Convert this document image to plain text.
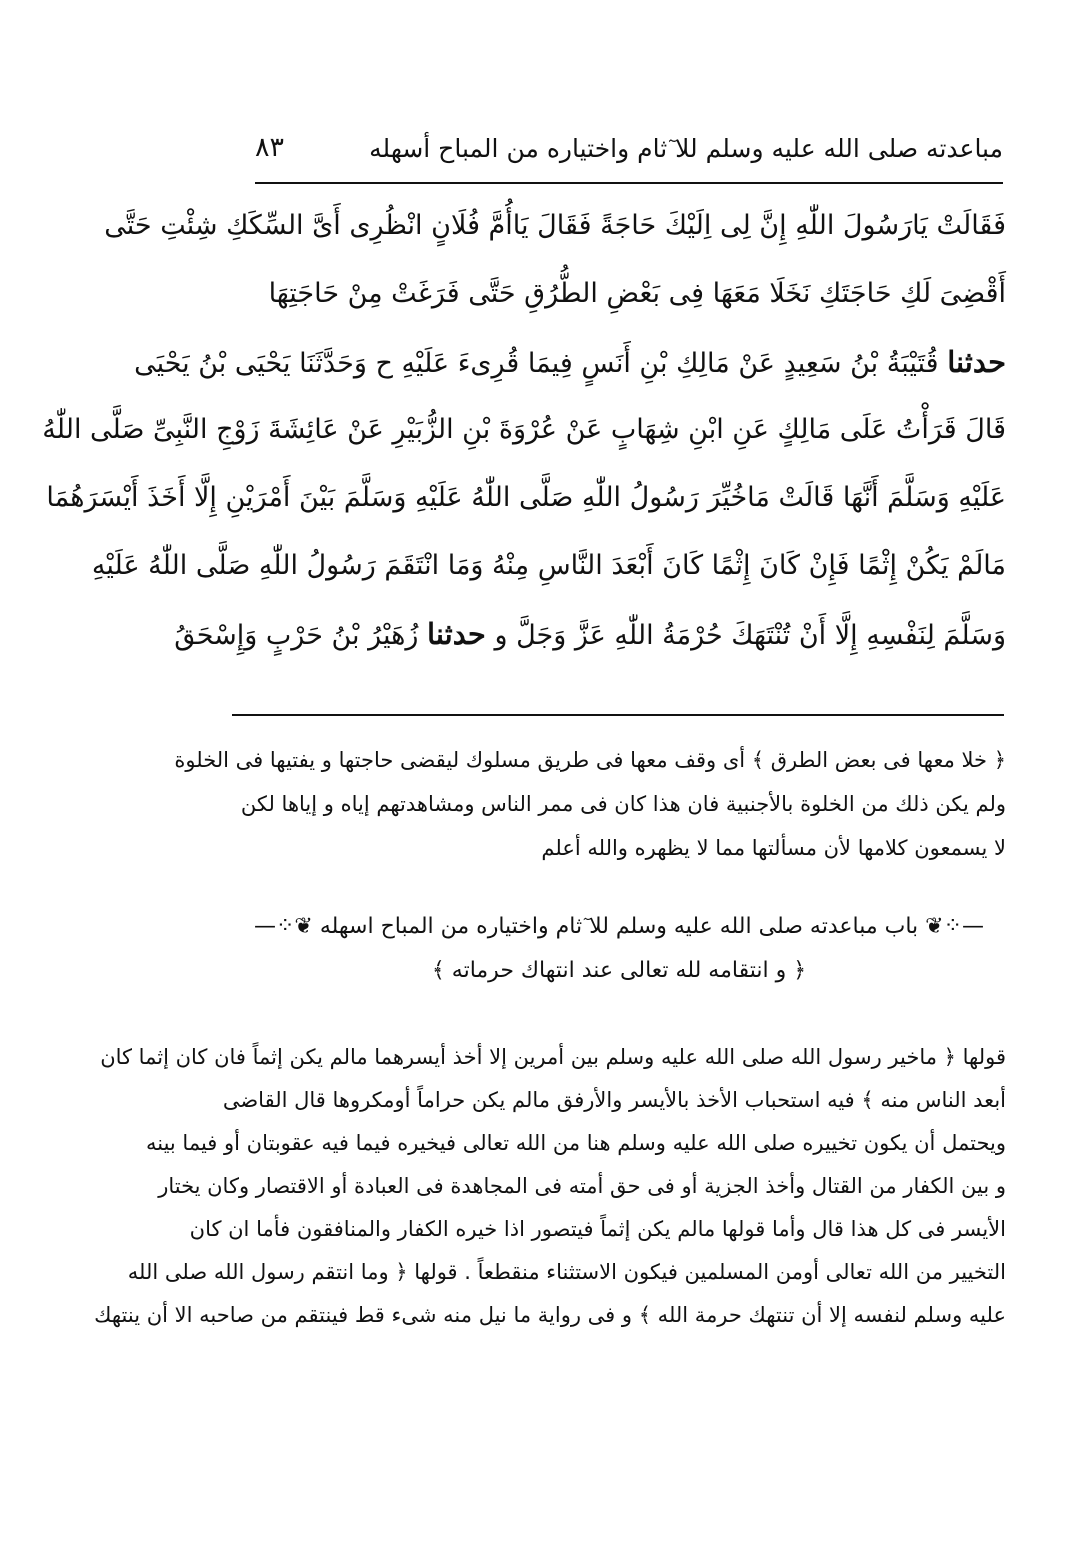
مباعدته صلى الله عليه وسلم للا ٓثام واختياره من المباح أسهله
٨٣
فَقَالَتْ يَارَسُولَ اللّٰهِ إِنَّ لِى اِلَيْكَ حَاجَةً فَقَالَ يَاأُمَّ فُلَانٍ انْظُرِى أَىَّ السِّكَكِ شِئْتِ حَتَّى
أَقْضِىَ لَكِ حَاجَتَكِ نَخَلَا مَعَهَا فِى بَعْضِ الطُّرُقِ حَتَّى فَرَغَتْ مِنْ حَاجَتِهَا
حدثنا قُتَيْبَةُ بْنُ سَعِيدٍ عَنْ مَالِكِ بْنِ أَنَسٍ فِيمَا قُرِىءَ عَلَيْهِ ح وَحَدَّثَنَا يَحْيَى بْنُ يَحْيَى
قَالَ قَرَأْتُ عَلَى مَالِكٍ عَنِ ابْنِ شِهَابٍ عَنْ عُرْوَةَ بْنِ الزُّبَيْرِ عَنْ عَائِشَةَ زَوْجِ النَّبِىِّ صَلَّى اللّٰهُ
عَلَيْهِ وَسَلَّمَ أَنَّهَا قَالَتْ مَاخُيِّرَ رَسُولُ اللّٰهِ صَلَّى اللّٰهُ عَلَيْهِ وَسَلَّمَ بَيْنَ أَمْرَيْنِ إِلَّا أَخَذَ أَيْسَرَهُمَا
مَالَمْ يَكُنْ إِثْمًا فَإِنْ كَانَ إِثْمًا كَانَ أَبْعَدَ النَّاسِ مِنْهُ وَمَا انْتَقَمَ رَسُولُ اللّٰهِ صَلَّى اللّٰهُ عَلَيْهِ
وَسَلَّمَ لِنَفْسِهِ إِلَّا أَنْ تُنْتَهَكَ حُرْمَةُ اللّٰهِ عَزَّ وَجَلَّ و حدثنا زُهَيْرُ بْنُ حَرْبٍ وَإِسْحَقُ
﴿ خلا معها فى بعض الطرق ﴾ أى وقف معها فى طريق مسلوك ليقضى حاجتها و يفتيها فى الخلوة
ولم يكن ذلك من الخلوة بالأجنبية فان هذا كان فى ممر الناس ومشاهدتهم إياه و إياها لكن
لا يسمعون كلامها لأن مسألتها مما لا يظهره والله أعلم
—⁘❦ باب مباعدته صلى الله عليه وسلم للا ٓثام واختياره من المباح اسهله ❦⁘—
﴿ و انتقامه لله تعالى عند انتهاك حرماته ﴾
قولها ﴿ ماخير رسول الله صلى الله عليه وسلم بين أمرين إلا أخذ أيسرهما مالم يكن إثماً فان كان إثما كان
أبعد الناس منه ﴾ فيه استحباب الأخذ بالأيسر والأرفق مالم يكن حراماً أومكروها قال القاضى
ويحتمل أن يكون تخييره صلى الله عليه وسلم هنا من الله تعالى فيخيره فيما فيه عقوبتان أو فيما بينه
و بين الكفار من القتال وأخذ الجزية أو فى حق أمته فى المجاهدة فى العبادة أو الاقتصار وكان يختار
الأيسر فى كل هذا قال وأما قولها مالم يكن إثماً فيتصور اذا خيره الكفار والمنافقون فأما ان كان
التخيير من الله تعالى أومن المسلمين فيكون الاستثناء منقطعاً . قولها ﴿ وما انتقم رسول الله صلى الله
عليه وسلم لنفسه إلا أن تنتهك حرمة الله ﴾ و فى رواية ما نيل منه شىء قط فينتقم من صاحبه الا أن ينتهك
